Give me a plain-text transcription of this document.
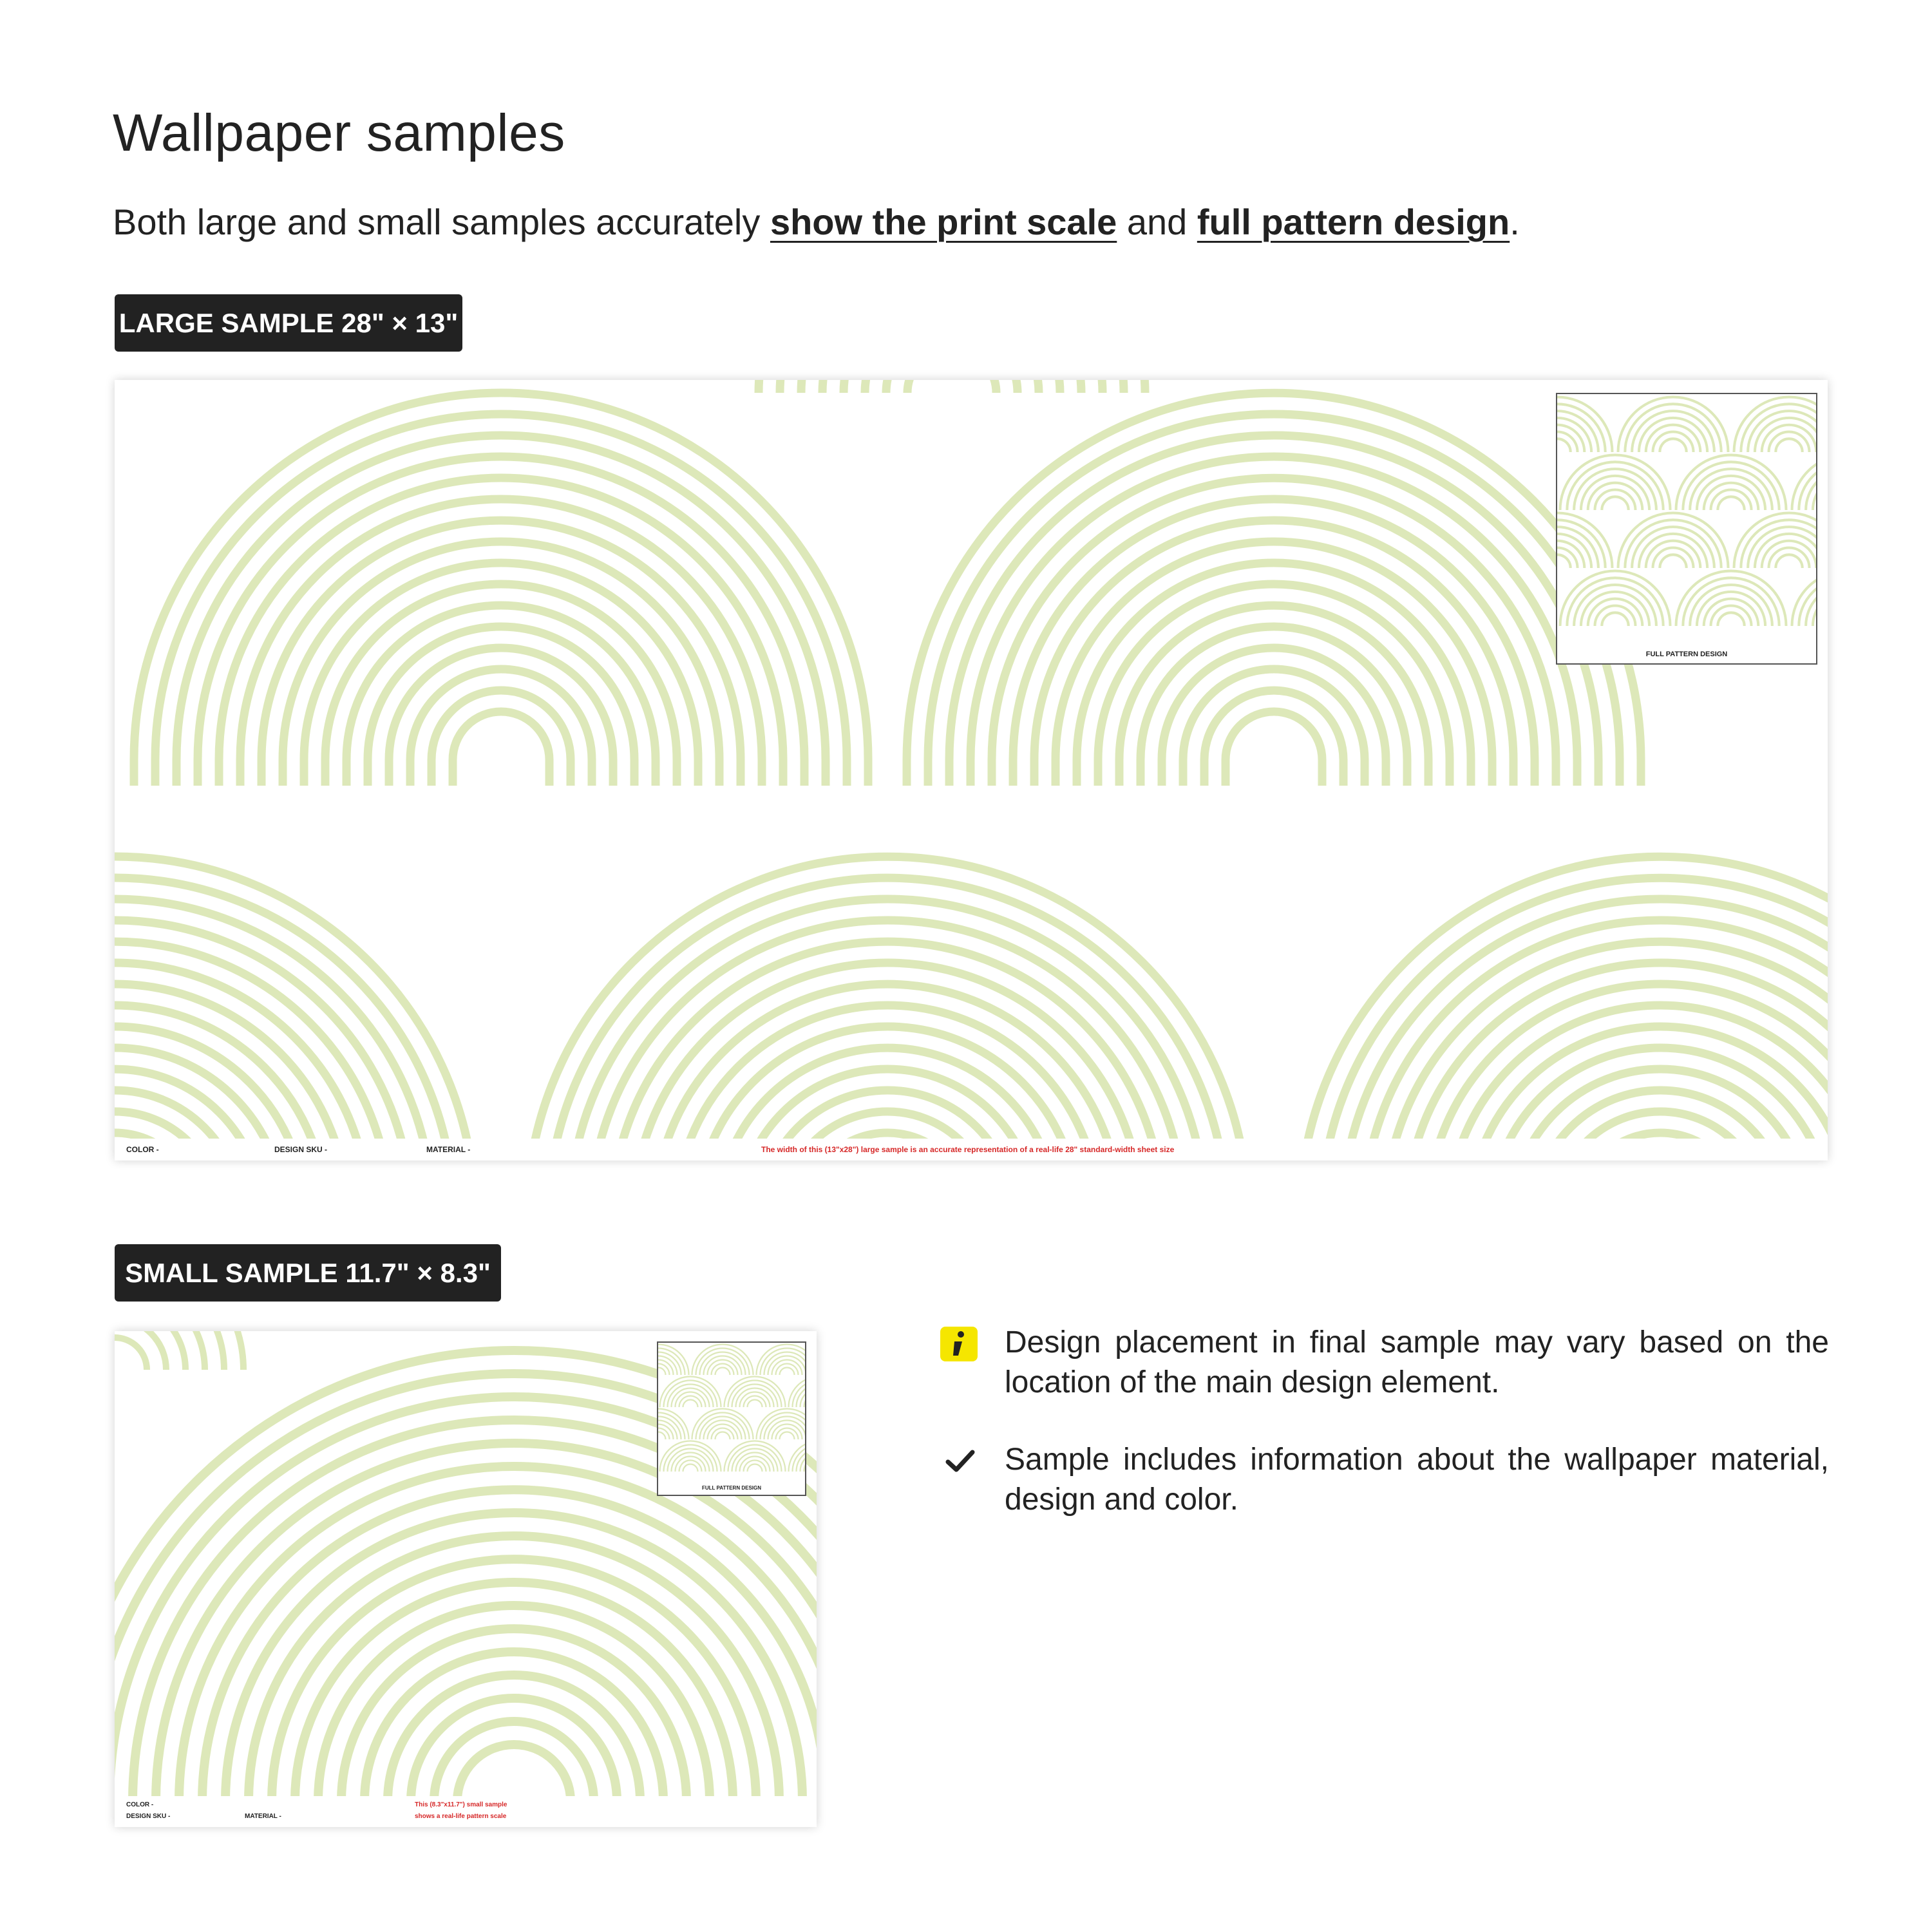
Wallpaper samples
Both large and small samples accurately show the print scale and full pattern design.
LARGE SAMPLE 28" × 13"
FULL PATTERN DESIGN
COLOR -	DESIGN SKU -	MATERIAL -	The width of this (13"x28") large sample is an accurate representation of a real-life 28" standard-width sheet size
SMALL SAMPLE 11.7" × 8.3"
FULL PATTERN DESIGN
COLOR -
DESIGN SKU -	MATERIAL -
This (8.3"x11.7") small sample
shows a real-life pattern scale
Design placement in final sample may vary based on the location of the main design element.
Sample includes information about the wallpaper material, design and color.
